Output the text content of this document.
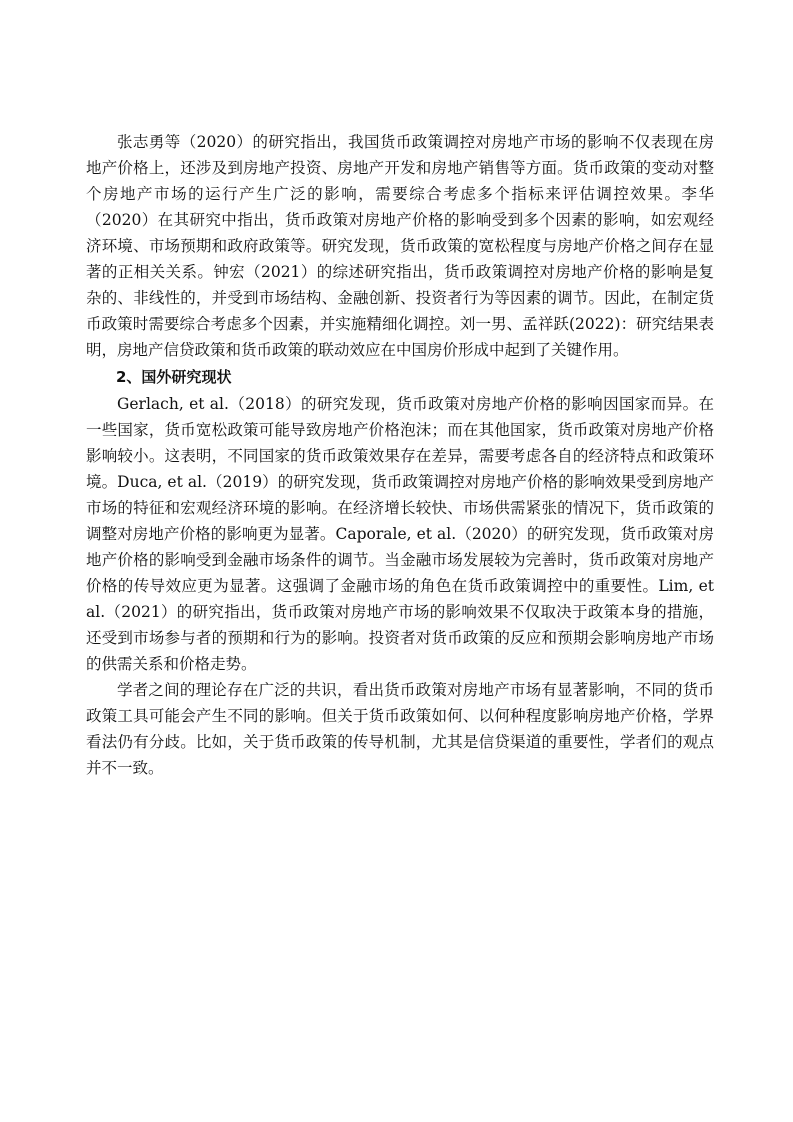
张志勇等（2020）的研究指出，我国货币政策调控对房地产市场的影响不仅表现在房地产价格上，还涉及到房地产投资、房地产开发和房地产销售等方面。货币政策的变动对整个房地产市场的运行产生广泛的影响，需要综合考虑多个指标来评估调控效果。李华（2020）在其研究中指出，货币政策对房地产价格的影响受到多个因素的影响，如宏观经济环境、市场预期和政府政策等。研究发现，货币政策的宽松程度与房地产价格之间存在显著的正相关关系。钟宏（2021）的综述研究指出，货币政策调控对房地产价格的影响是复杂的、非线性的，并受到市场结构、金融创新、投资者行为等因素的调节。因此，在制定货币政策时需要综合考虑多个因素，并实施精细化调控。刘一男、孟祥跃(2022)：研究结果表明，房地产信贷政策和货币政策的联动效应在中国房价形成中起到了关键作用。

2、国外研究现状

Gerlach, et al.（2018）的研究发现，货币政策对房地产价格的影响因国家而异。在一些国家，货币宽松政策可能导致房地产价格泡沫；而在其他国家，货币政策对房地产价格影响较小。这表明，不同国家的货币政策效果存在差异，需要考虑各自的经济特点和政策环境。Duca, et al.（2019）的研究发现，货币政策调控对房地产价格的影响效果受到房地产市场的特征和宏观经济环境的影响。在经济增长较快、市场供需紧张的情况下，货币政策的调整对房地产价格的影响更为显著。Caporale, et al.（2020）的研究发现，货币政策对房地产价格的影响受到金融市场条件的调节。当金融市场发展较为完善时，货币政策对房地产价格的传导效应更为显著。这强调了金融市场的角色在货币政策调控中的重要性。Lim, et al.（2021）的研究指出，货币政策对房地产市场的影响效果不仅取决于政策本身的措施，还受到市场参与者的预期和行为的影响。投资者对货币政策的反应和预期会影响房地产市场的供需关系和价格走势。

学者之间的理论存在广泛的共识，看出货币政策对房地产市场有显著影响，不同的货币政策工具可能会产生不同的影响。但关于货币政策如何、以何种程度影响房地产价格，学界看法仍有分歧。比如，关于货币政策的传导机制，尤其是信贷渠道的重要性，学者们的观点并不一致。
